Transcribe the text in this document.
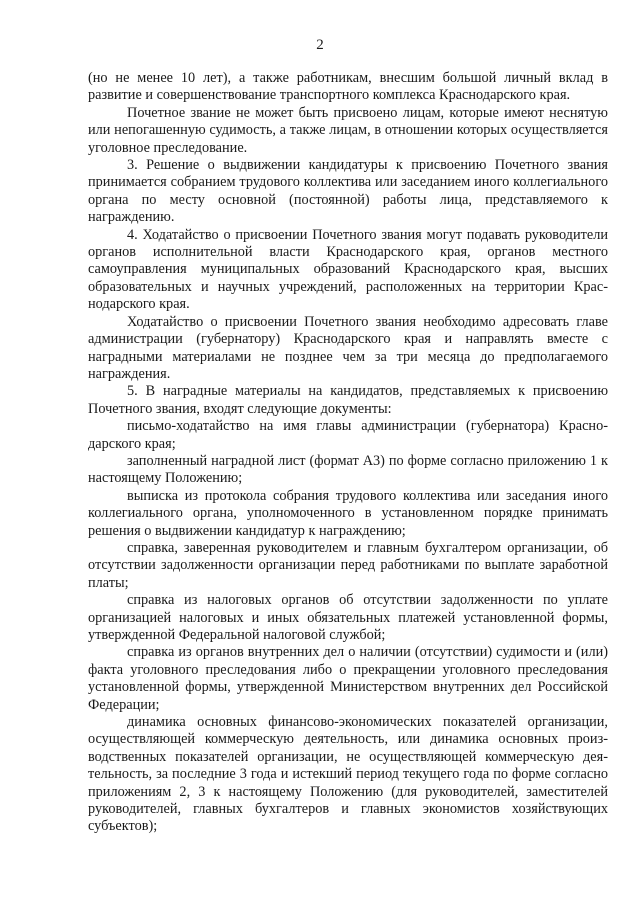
2

(но не менее 10 лет), а также работникам, внесшим большой личный вклад в развитие и совершенствование транспортного комплекса Краснодарского края.

Почетное звание не может быть присвоено лицам, которые имеют неснятую или непогашенную судимость, а также лицам, в отношении которых осуществляется уголовное преследование.

3. Решение о выдвижении кандидатуры к присвоению Почетного звания принимается собранием трудового коллектива или заседанием иного коллегиального органа по месту основной (постоянной) работы лица, представляемого к награждению.

4. Ходатайство о присвоении Почетного звания могут подавать руководители органов исполнительной власти Краснодарского края, органов местного самоуправления муниципальных образований Краснодарского края, высших образовательных и научных учреждений, расположенных на территории Краснодарского края.

Ходатайство о присвоении Почетного звания необходимо адресовать главе администрации (губернатору) Краснодарского края и направлять вместе с наградными материалами не позднее чем за три месяца до предполагаемого награждения.

5. В наградные материалы на кандидатов, представляемых к присвоению Почетного звания, входят следующие документы:

письмо-ходатайство на имя главы администрации (губернатора) Краснодарского края;

заполненный наградной лист (формат А3) по форме согласно приложению 1 к настоящему Положению;

выписка из протокола собрания трудового коллектива или заседания иного коллегиального органа, уполномоченного в установленном порядке принимать решения о выдвижении кандидатур к награждению;

справка, заверенная руководителем и главным бухгалтером организации, об отсутствии задолженности организации перед работниками по выплате заработной платы;

справка из налоговых органов об отсутствии задолженности по уплате организацией налоговых и иных обязательных платежей установленной формы, утвержденной Федеральной налоговой службой;

справка из органов внутренних дел о наличии (отсутствии) судимости и (или) факта уголовного преследования либо о прекращении уголовного преследования установленной формы, утвержденной Министерством внутренних дел Российской Федерации;

динамика основных финансово-экономических показателей организации, осуществляющей коммерческую деятельность, или динамика основных производственных показателей организации, не осуществляющей коммерческую деятельность, за последние 3 года и истекший период текущего года по форме согласно приложениям 2, 3 к настоящему Положению (для руководителей, заместителей руководителей, главных бухгалтеров и главных экономистов хозяйствующих субъектов);
